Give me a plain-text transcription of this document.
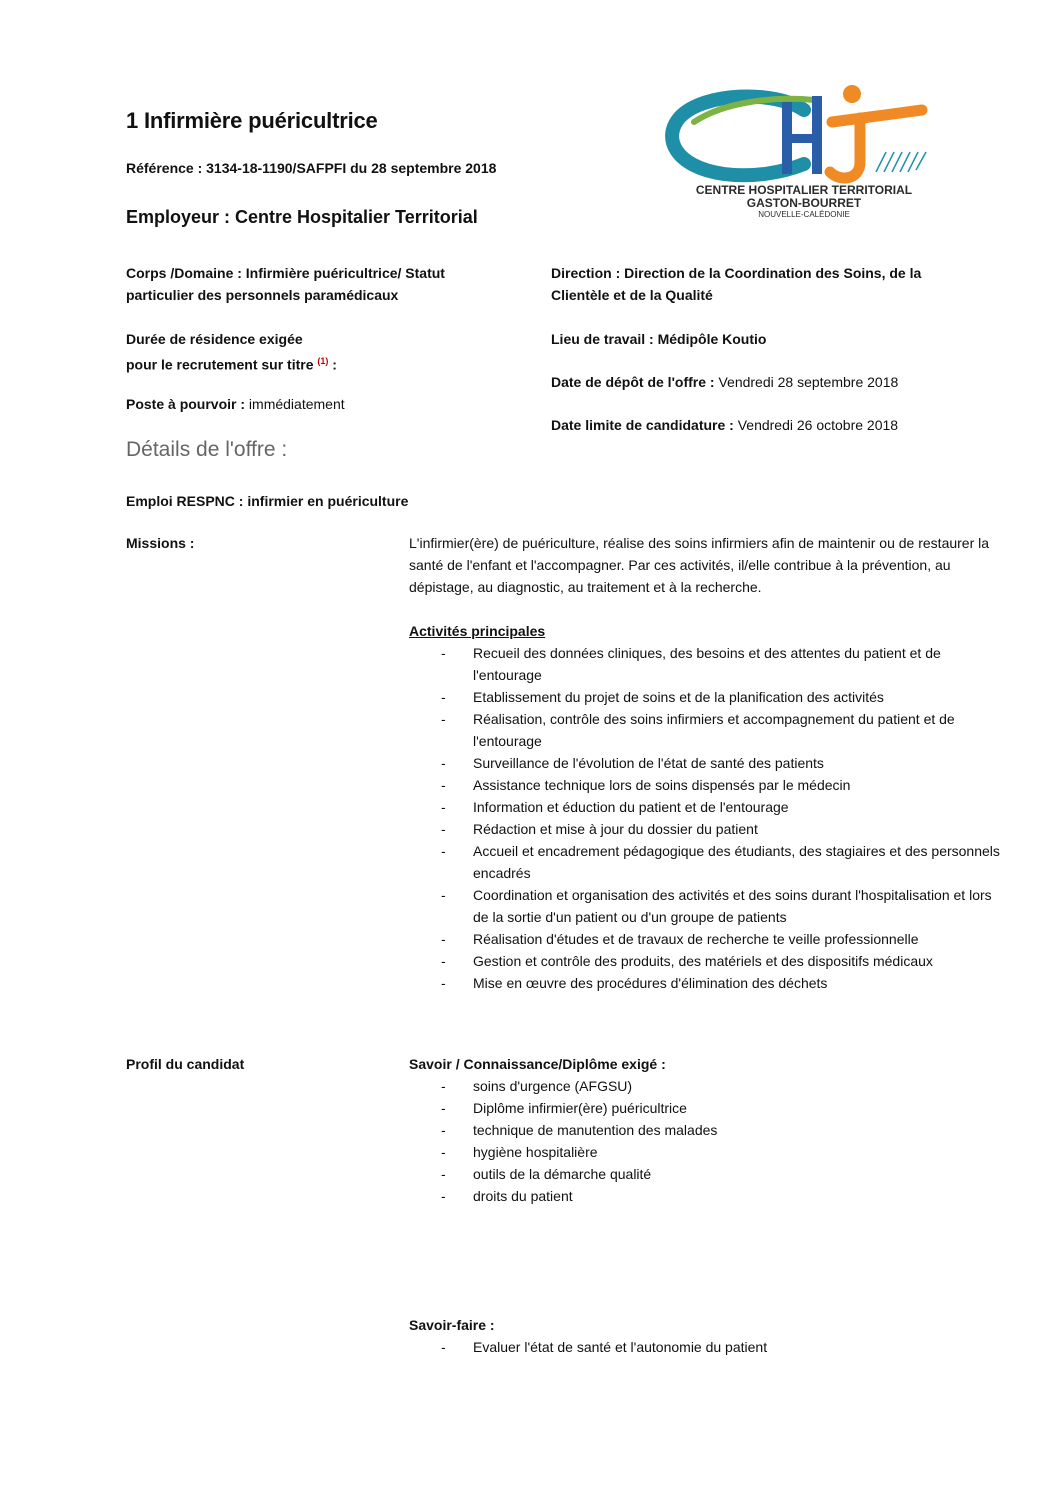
1 Infirmière puéricultrice
Référence : 3134-18-1190/SAFPFI du 28 septembre 2018
Employeur : Centre Hospitalier Territorial
CENTRE HOSPITALIER TERRITORIAL
GASTON-BOURRET
NOUVELLE-CALÉDONIE
Corps /Domaine : Infirmière puéricultrice/ Statut particulier des personnels paramédicaux
Durée de résidence exigée
pour le recrutement sur titre $^{(1)}$ :
Poste à pourvoir : immédiatement
Direction : Direction de la Coordination des Soins, de la Clientèle et de la Qualité
Lieu de travail : Médipôle Koutio
Date de dépôt de l'offre : Vendredi 28 septembre 2018
Date limite de candidature : Vendredi 26 octobre 2018
Détails de l'offre :
Emploi RESPNC : infirmier en puériculture
Missions :	L'infirmier(ère) de puériculture, réalise des soins infirmiers afin de maintenir ou de restaurer la santé de l'enfant et l'accompagner. Par ces activités, il/elle contribue à la prévention, au dépistage, au diagnostic, au traitement et à la recherche.

Activités principales
- Recueil des données cliniques, des besoins et des attentes du patient et de l'entourage
- Etablissement du projet de soins et de la planification des activités
- Réalisation, contrôle des soins infirmiers et accompagnement du patient et de l'entourage
- Surveillance de l'évolution de l'état de santé des patients
- Assistance technique lors de soins dispensés par le médecin
- Information et éduction du patient et de l'entourage
- Rédaction et mise à jour du dossier du patient
- Accueil et encadrement pédagogique des étudiants, des stagiaires et des personnels encadrés
- Coordination et organisation des activités et des soins durant l'hospitalisation et lors de la sortie d'un patient ou d'un groupe de patients
- Réalisation d'études et de travaux de recherche te veille professionnelle
- Gestion et contrôle des produits, des matériels et des dispositifs médicaux
- Mise en œuvre des procédures d'élimination des déchets
Profil du candidat	Savoir / Connaissance/Diplôme exigé :
- soins d'urgence (AFGSU)
- Diplôme infirmier(ère) puéricultrice
- technique de manutention des malades
- hygiène hospitalière
- outils de la démarche qualité
- droits du patient
Savoir-faire :
- Evaluer l'état de santé et l'autonomie du patient
